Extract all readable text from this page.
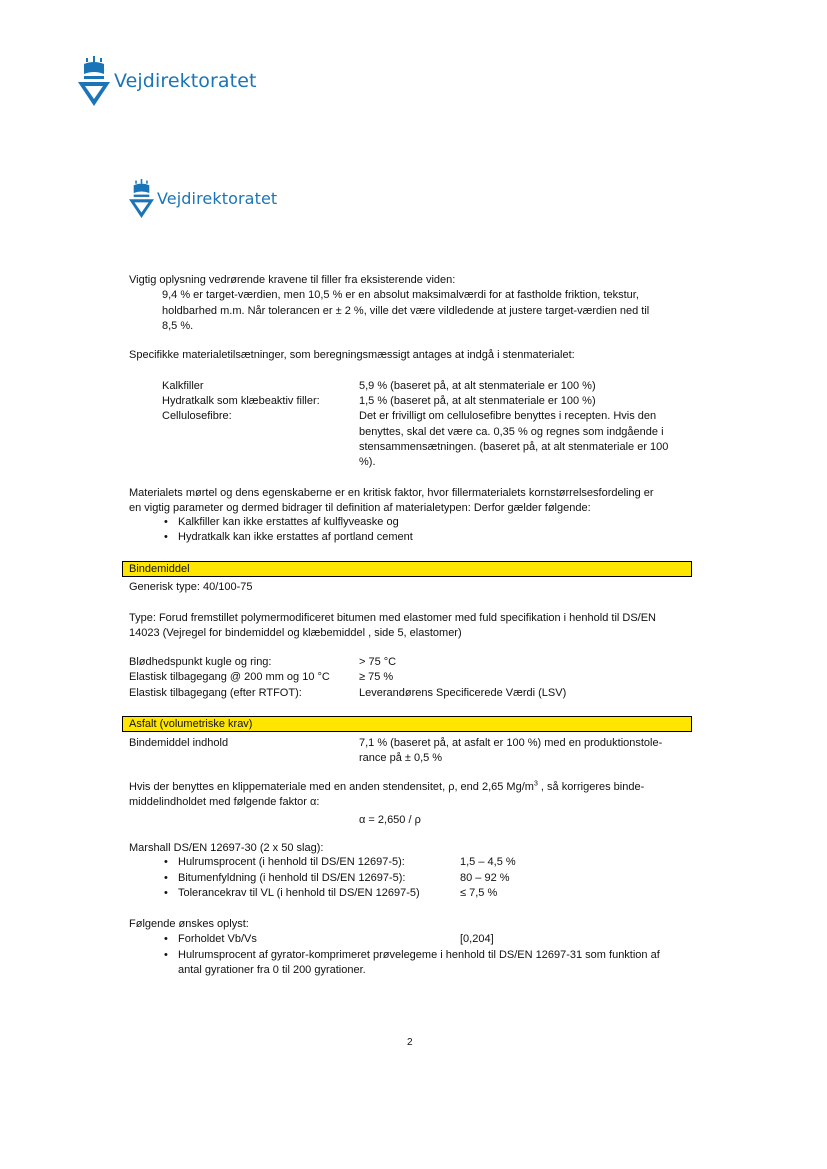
Vejdirektoratet
Vejdirektoratet
Vigtig oplysning vedrørende kravene til filler fra eksisterende viden:
9,4 % er target-værdien, men 10,5 % er en absolut maksimalværdi for at fastholde friktion, tekstur,
holdbarhed m.m. Når tolerancen er ± 2 %, ville det være vildledende at justere target-værdien ned til
8,5 %.
Specifikke materialetilsætninger, som beregningsmæssigt antages at indgå i stenmaterialet:
Kalkfiller	5,9 % (baseret på, at alt stenmateriale er 100 %)
Hydratkalk som klæbeaktiv filler:	1,5 % (baseret på, at alt stenmateriale er 100 %)
Cellulosefibre:	Det er frivilligt om cellulosefibre benyttes i recepten. Hvis den
benyttes, skal det være ca. 0,35 % og regnes som indgående i
stensammensætningen. (baseret på, at alt stenmateriale er 100
%).
Materialets mørtel og dens egenskaberne er en kritisk faktor, hvor fillermaterialets kornstørrelsesfordeling er
en vigtig parameter og dermed bidrager til definition af materialetypen: Derfor gælder følgende:
• Kalkfiller kan ikke erstattes af kulflyveaske og
• Hydratkalk kan ikke erstattes af portland cement
Bindemiddel
Generisk type: 40/100-75
Type: Forud fremstillet polymermodificeret bitumen med elastomer med fuld specifikation i henhold til DS/EN
14023 (Vejregel for bindemiddel og klæbemiddel , side 5, elastomer)
Blødhedspunkt kugle og ring:	> 75 °C
Elastisk tilbagegang @ 200 mm og 10 °C	≥ 75 %
Elastisk tilbagegang (efter RTFOT):	Leverandørens Specificerede Værdi (LSV)
Asfalt (volumetriske krav)
Bindemiddel indhold	7,1 % (baseret på, at asfalt er 100 %) med en produktionstole-
rance på ± 0,5 %
Hvis der benyttes en klippemateriale med en anden stendensitet, ρ, end 2,65 $Mg/m^3$ , så korrigeres binde-
middelindholdet med følgende faktor α:
α = 2,650 / ρ
Marshall DS/EN 12697-30 (2 x 50 slag):
• Hulrumsprocent (i henhold til DS/EN 12697-5):	1,5 – 4,5 %
• Bitumenfyldning (i henhold til DS/EN 12697-5):	80 – 92 %
• Tolerancekrav til VL (i henhold til DS/EN 12697-5)	≤ 7,5 %
Følgende ønskes oplyst:
• Forholdet Vb/Vs	[0,204]
• Hulrumsprocent af gyrator-komprimeret prøvelegeme i henhold til DS/EN 12697-31 som funktion af
antal gyrationer fra 0 til 200 gyrationer.
2
